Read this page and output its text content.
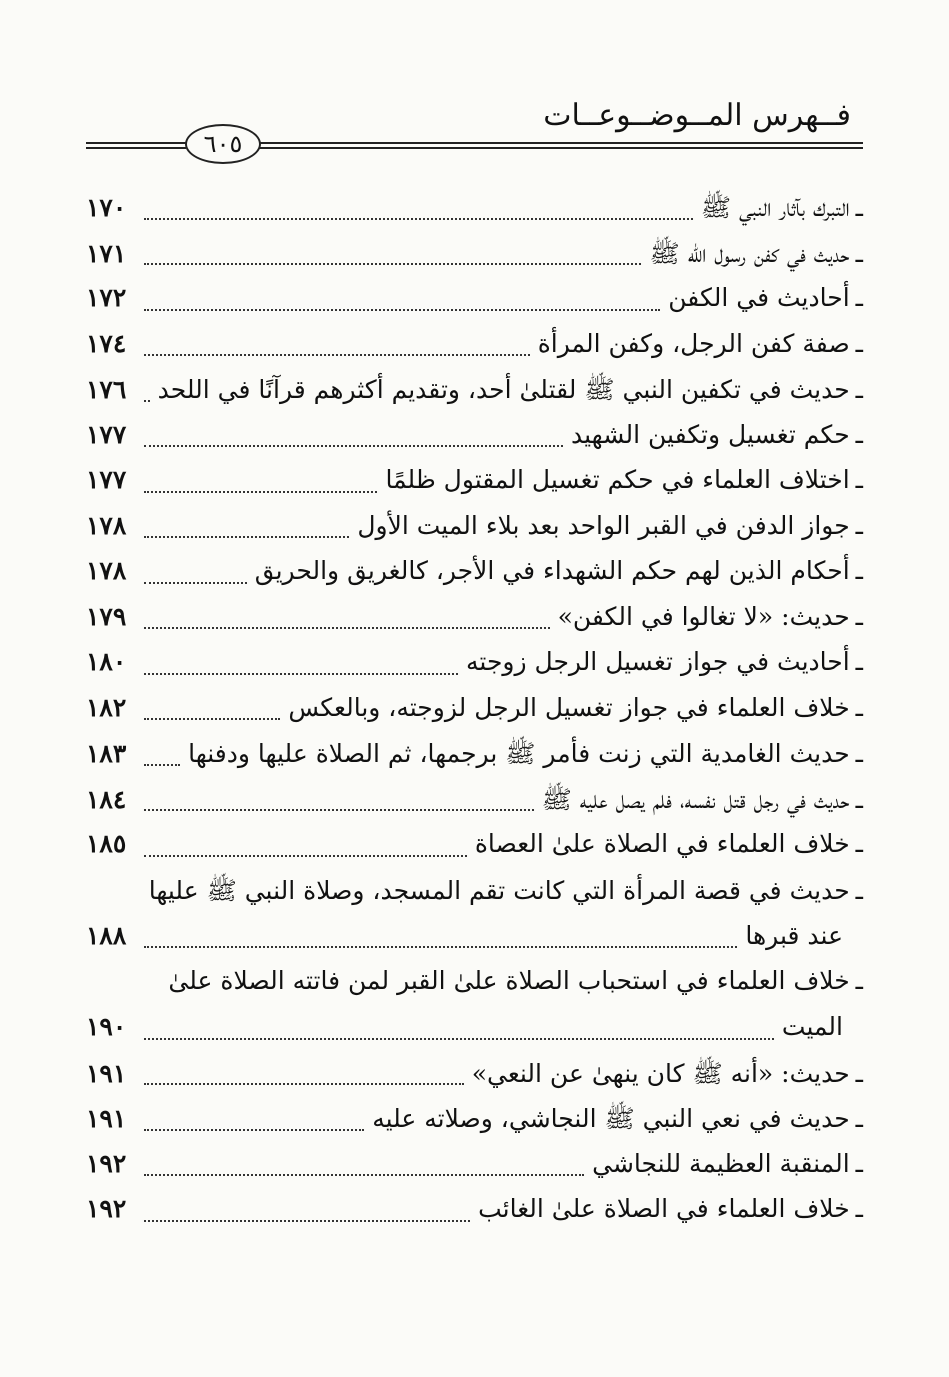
فــهرس المــوضــوعــات
٦٠٥
ـ
التبرك بآثار النبي ﷺ
١٧٠
ـ
حديث في كفن رسول الله ﷺ
١٧١
ـ
أحاديث في الكفن
١٧٢
ـ
صفة كفن الرجل، وكفن المرأة
١٧٤
ـ
حديث في تكفين النبي ﷺ لقتلىٰ أحد، وتقديم أكثرهم قرآنًا في اللحد
١٧٦
ـ
حكم تغسيل وتكفين الشهيد
١٧٧
ـ
اختلاف العلماء في حكم تغسيل المقتول ظلمًا
١٧٧
ـ
جواز الدفن في القبر الواحد بعد بلاء الميت الأول
١٧٨
ـ
أحكام الذين لهم حكم الشهداء في الأجر، كالغريق والحريق
١٧٨
ـ
حديث: «لا تغالوا في الكفن»
١٧٩
ـ
أحاديث في جواز تغسيل الرجل زوجته
١٨٠
ـ
خلاف العلماء في جواز تغسيل الرجل لزوجته، وبالعكس
١٨٢
ـ
حديث الغامدية التي زنت فأمر ﷺ برجمها، ثم الصلاة عليها ودفنها
١٨٣
ـ
حديث في رجل قتل نفسه، فلم يصل عليه ﷺ
١٨٤
ـ
خلاف العلماء في الصلاة علىٰ العصاة
١٨٥
ـ
حديث في قصة المرأة التي كانت تقم المسجد، وصلاة النبي ﷺ عليها
عند قبرها
١٨٨
ـ
خلاف العلماء في استحباب الصلاة علىٰ القبر لمن فاتته الصلاة علىٰ
الميت
١٩٠
ـ
حديث: «أنه ﷺ كان ينهىٰ عن النعي»
١٩١
ـ
حديث في نعي النبي ﷺ النجاشي، وصلاته عليه
١٩١
ـ
المنقبة العظيمة للنجاشي
١٩٢
ـ
خلاف العلماء في الصلاة علىٰ الغائب
١٩٢
